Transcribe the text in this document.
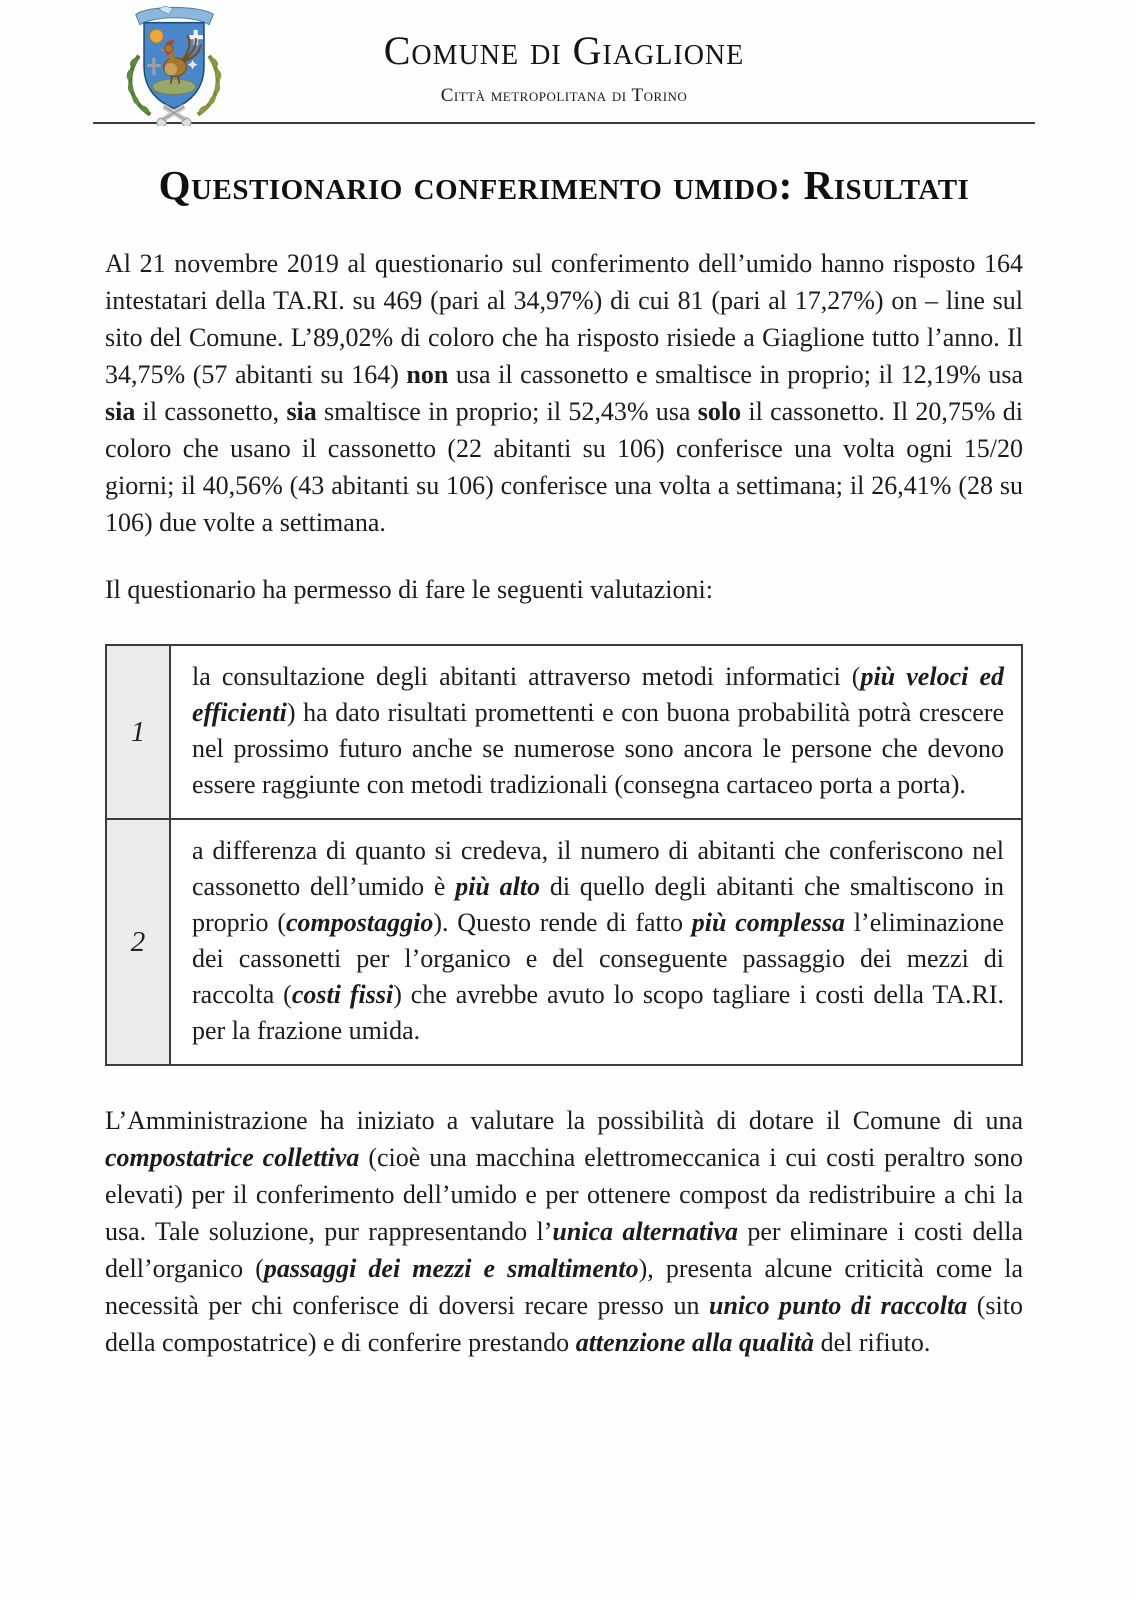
Comune di Giaglione
Città metropolitana di Torino
Questionario conferimento umido: Risultati

Al 21 novembre 2019 al questionario sul conferimento dell’umido hanno risposto 164 intestatari della TA.RI. su 469 (pari al 34,97%) di cui 81 (pari al 17,27%) on – line sul sito del Comune. L’89,02% di coloro che ha risposto risiede a Giaglione tutto l’anno. Il 34,75% (57 abitanti su 164) non usa il cassonetto e smaltisce in proprio; il 12,19% usa sia il cassonetto, sia smaltisce in proprio; il 52,43% usa solo il cassonetto. Il 20,75% di coloro che usano il cassonetto (22 abitanti su 106) conferisce una volta ogni 15/20 giorni; il 40,56% (43 abitanti su 106) conferisce una volta a settimana; il 26,41% (28 su 106) due volte a settimana.

Il questionario ha permesso di fare le seguenti valutazioni:

1	la consultazione degli abitanti attraverso metodi informatici (più veloci ed efficienti) ha dato risultati promettenti e con buona probabilità potrà crescere nel prossimo futuro anche se numerose sono ancora le persone che devono essere raggiunte con metodi tradizionali (consegna cartaceo porta a porta).
2	a differenza di quanto si credeva, il numero di abitanti che conferiscono nel cassonetto dell’umido è più alto di quello degli abitanti che smaltiscono in proprio (compostaggio). Questo rende di fatto più complessa l’eliminazione dei cassonetti per l’organico e del conseguente passaggio dei mezzi di raccolta (costi fissi) che avrebbe avuto lo scopo tagliare i costi della TA.RI. per la frazione umida.

L’Amministrazione ha iniziato a valutare la possibilità di dotare il Comune di una compostatrice collettiva (cioè una macchina elettromeccanica i cui costi peraltro sono elevati) per il conferimento dell’umido e per ottenere compost da redistribuire a chi la usa. Tale soluzione, pur rappresentando l’unica alternativa per eliminare i costi della dell’organico (passaggi dei mezzi e smaltimento), presenta alcune criticità come la necessità per chi conferisce di doversi recare presso un unico punto di raccolta (sito della compostatrice) e di conferire prestando attenzione alla qualità del rifiuto.
